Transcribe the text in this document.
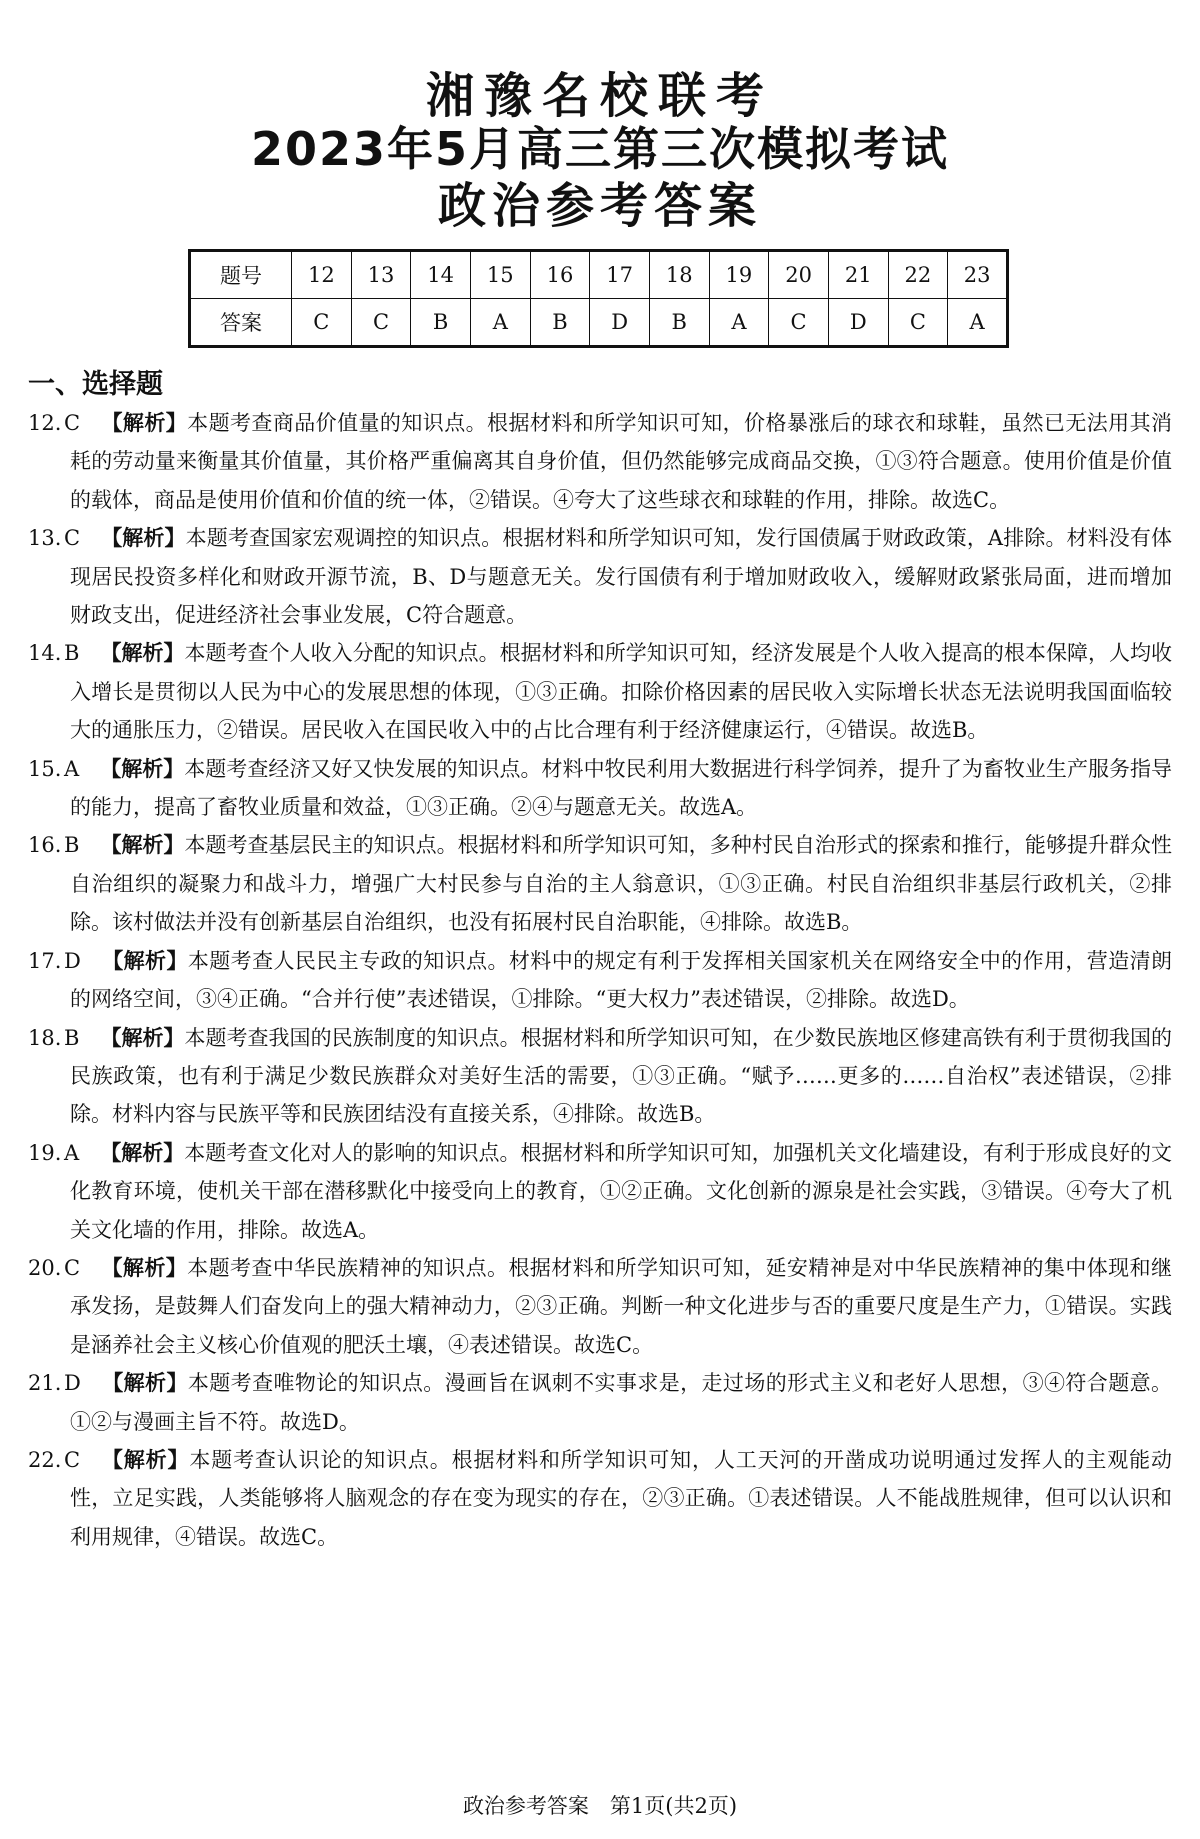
湘豫名校联考
2023年5月高三第三次模拟考试
政治参考答案
题号	12	13	14	15	16	17	18	19	20	21	22	23
答案	C	C	B	A	B	D	B	A	C	D	C	A
一、选择题
12. C  【解析】本题考查商品价值量的知识点。根据材料和所学知识可知，价格暴涨后的球衣和球鞋，虽然已无法用其消耗的劳动量来衡量其价值量，其价格严重偏离其自身价值，但仍然能够完成商品交换，①③符合题意。使用价值是价值的载体，商品是使用价值和价值的统一体，②错误。④夸大了这些球衣和球鞋的作用，排除。故选C。
13. C  【解析】本题考查国家宏观调控的知识点。根据材料和所学知识可知，发行国债属于财政政策，A排除。材料没有体现居民投资多样化和财政开源节流，B、D与题意无关。发行国债有利于增加财政收入，缓解财政紧张局面，进而增加财政支出，促进经济社会事业发展，C符合题意。
14. B  【解析】本题考查个人收入分配的知识点。根据材料和所学知识可知，经济发展是个人收入提高的根本保障，人均收入增长是贯彻以人民为中心的发展思想的体现，①③正确。扣除价格因素的居民收入实际增长状态无法说明我国面临较大的通胀压力，②错误。居民收入在国民收入中的占比合理有利于经济健康运行，④错误。故选B。
15. A  【解析】本题考查经济又好又快发展的知识点。材料中牧民利用大数据进行科学饲养，提升了为畜牧业生产服务指导的能力，提高了畜牧业质量和效益，①③正确。②④与题意无关。故选A。
16. B  【解析】本题考查基层民主的知识点。根据材料和所学知识可知，多种村民自治形式的探索和推行，能够提升群众性自治组织的凝聚力和战斗力，增强广大村民参与自治的主人翁意识，①③正确。村民自治组织非基层行政机关，②排除。该村做法并没有创新基层自治组织，也没有拓展村民自治职能，④排除。故选B。
17. D  【解析】本题考查人民民主专政的知识点。材料中的规定有利于发挥相关国家机关在网络安全中的作用，营造清朗的网络空间，③④正确。“合并行使”表述错误，①排除。“更大权力”表述错误，②排除。故选D。
18. B  【解析】本题考查我国的民族制度的知识点。根据材料和所学知识可知，在少数民族地区修建高铁有利于贯彻我国的民族政策，也有利于满足少数民族群众对美好生活的需要，①③正确。“赋予……更多的……自治权”表述错误，②排除。材料内容与民族平等和民族团结没有直接关系，④排除。故选B。
19. A  【解析】本题考查文化对人的影响的知识点。根据材料和所学知识可知，加强机关文化墙建设，有利于形成良好的文化教育环境，使机关干部在潜移默化中接受向上的教育，①②正确。文化创新的源泉是社会实践，③错误。④夸大了机关文化墙的作用，排除。故选A。
20. C  【解析】本题考查中华民族精神的知识点。根据材料和所学知识可知，延安精神是对中华民族精神的集中体现和继承发扬，是鼓舞人们奋发向上的强大精神动力，②③正确。判断一种文化进步与否的重要尺度是生产力，①错误。实践是涵养社会主义核心价值观的肥沃土壤，④表述错误。故选C。
21. D  【解析】本题考查唯物论的知识点。漫画旨在讽刺不实事求是，走过场的形式主义和老好人思想，③④符合题意。①②与漫画主旨不符。故选D。
22. C  【解析】本题考查认识论的知识点。根据材料和所学知识可知，人工天河的开凿成功说明通过发挥人的主观能动性，立足实践，人类能够将人脑观念的存在变为现实的存在，②③正确。①表述错误。人不能战胜规律，但可以认识和利用规律，④错误。故选C。
政治参考答案　第1页(共2页)
